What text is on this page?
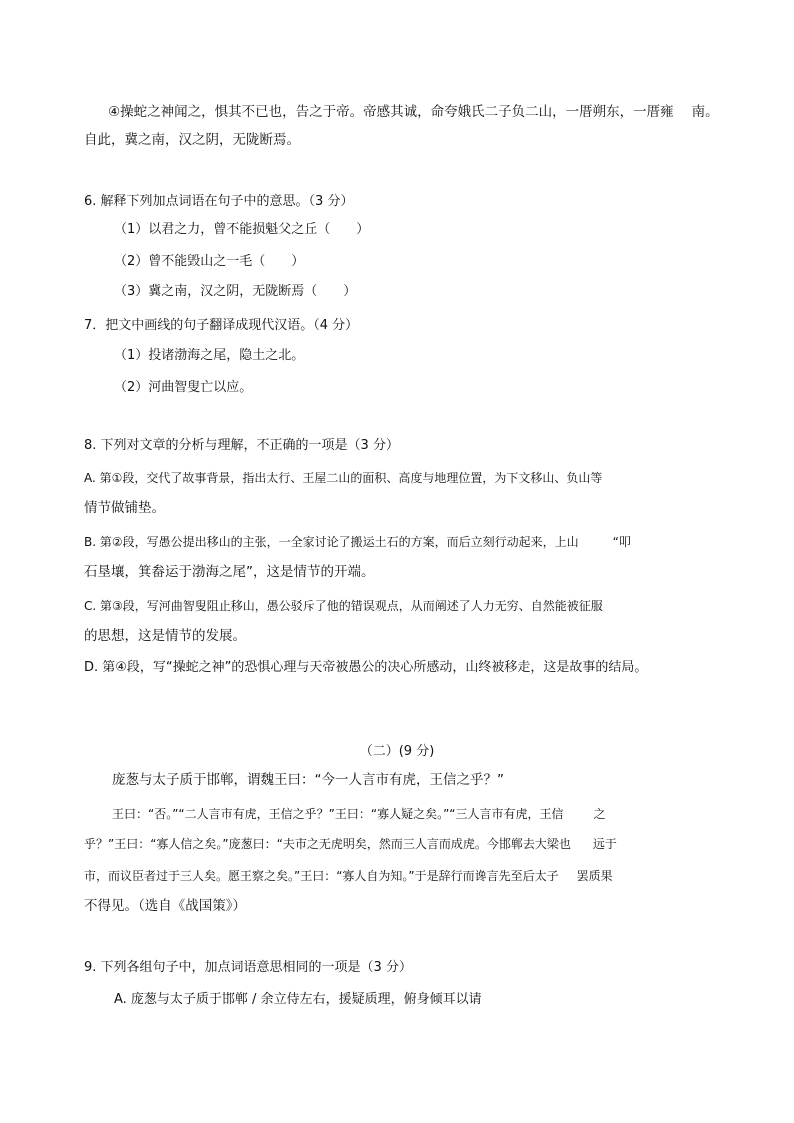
④操蛇之神闻之，惧其不已也，告之于帝。帝感其诚，命夸娥氏二子负二山，一厝朔东，一厝雍 南。
自此，冀之南，汉之阴，无陇断焉。
6. 解释下列加点词语在句子中的意思。（3 分）
（1）以君之力，曾不能损魁父之丘（ ）
（2）曾不能毁山之一毛（ ）
（3）冀之南，汉之阴，无陇断焉（ ）
7．把文中画线的句子翻译成现代汉语。（4 分）
（1）投诸渤海之尾，隐土之北。
（2）河曲智叟亡以应。
8. 下列对文章的分析与理解，不正确的一项是（3 分）
A. 第①段，交代了故事背景，指出太行、王屋二山的面积、高度与地理位置，为下文移山、负山等
情节做铺垫。
B. 第②段，写愚公提出移山的主张，一全家讨论了搬运土石的方案，而后立刻行动起来，上山	“叩
石垦壤，箕畚运于渤海之尾”，这是情节的开端。
C. 第③段，写河曲智叟阻止移山，愚公驳斥了他的错误观点，从而阐述了人力无穷、自然能被征服
的思想，这是情节的发展。
D. 第④段，写“操蛇之神”的恐惧心理与天帝被愚公的决心所感动，山终被移走，这是故事的结局。
（二）(9 分)
庞葱与太子质于邯郸，谓魏王曰：“今一人言市有虎，王信之乎？”
王曰：“否。”“二人言市有虎，王信之乎？”王曰：“寡人疑之矣。”“三人言市有虎，王信	之
乎？”王曰：“寡人信之矣。”庞葱曰：“夫市之无虎明矣，然而三人言而成虎。今邯郸去大梁也 远于
市，而议臣者过于三人矣。愿王察之矣。”王曰：“寡人自为知。”于是辞行而谗言先至后太子 罢质果
不得见。（选自《战国策》）
9. 下列各组句子中，加点词语意思相同的一项是（3 分）
A. 庞葱与太子质于邯郸 / 余立侍左右，援疑质理，俯身倾耳以请
